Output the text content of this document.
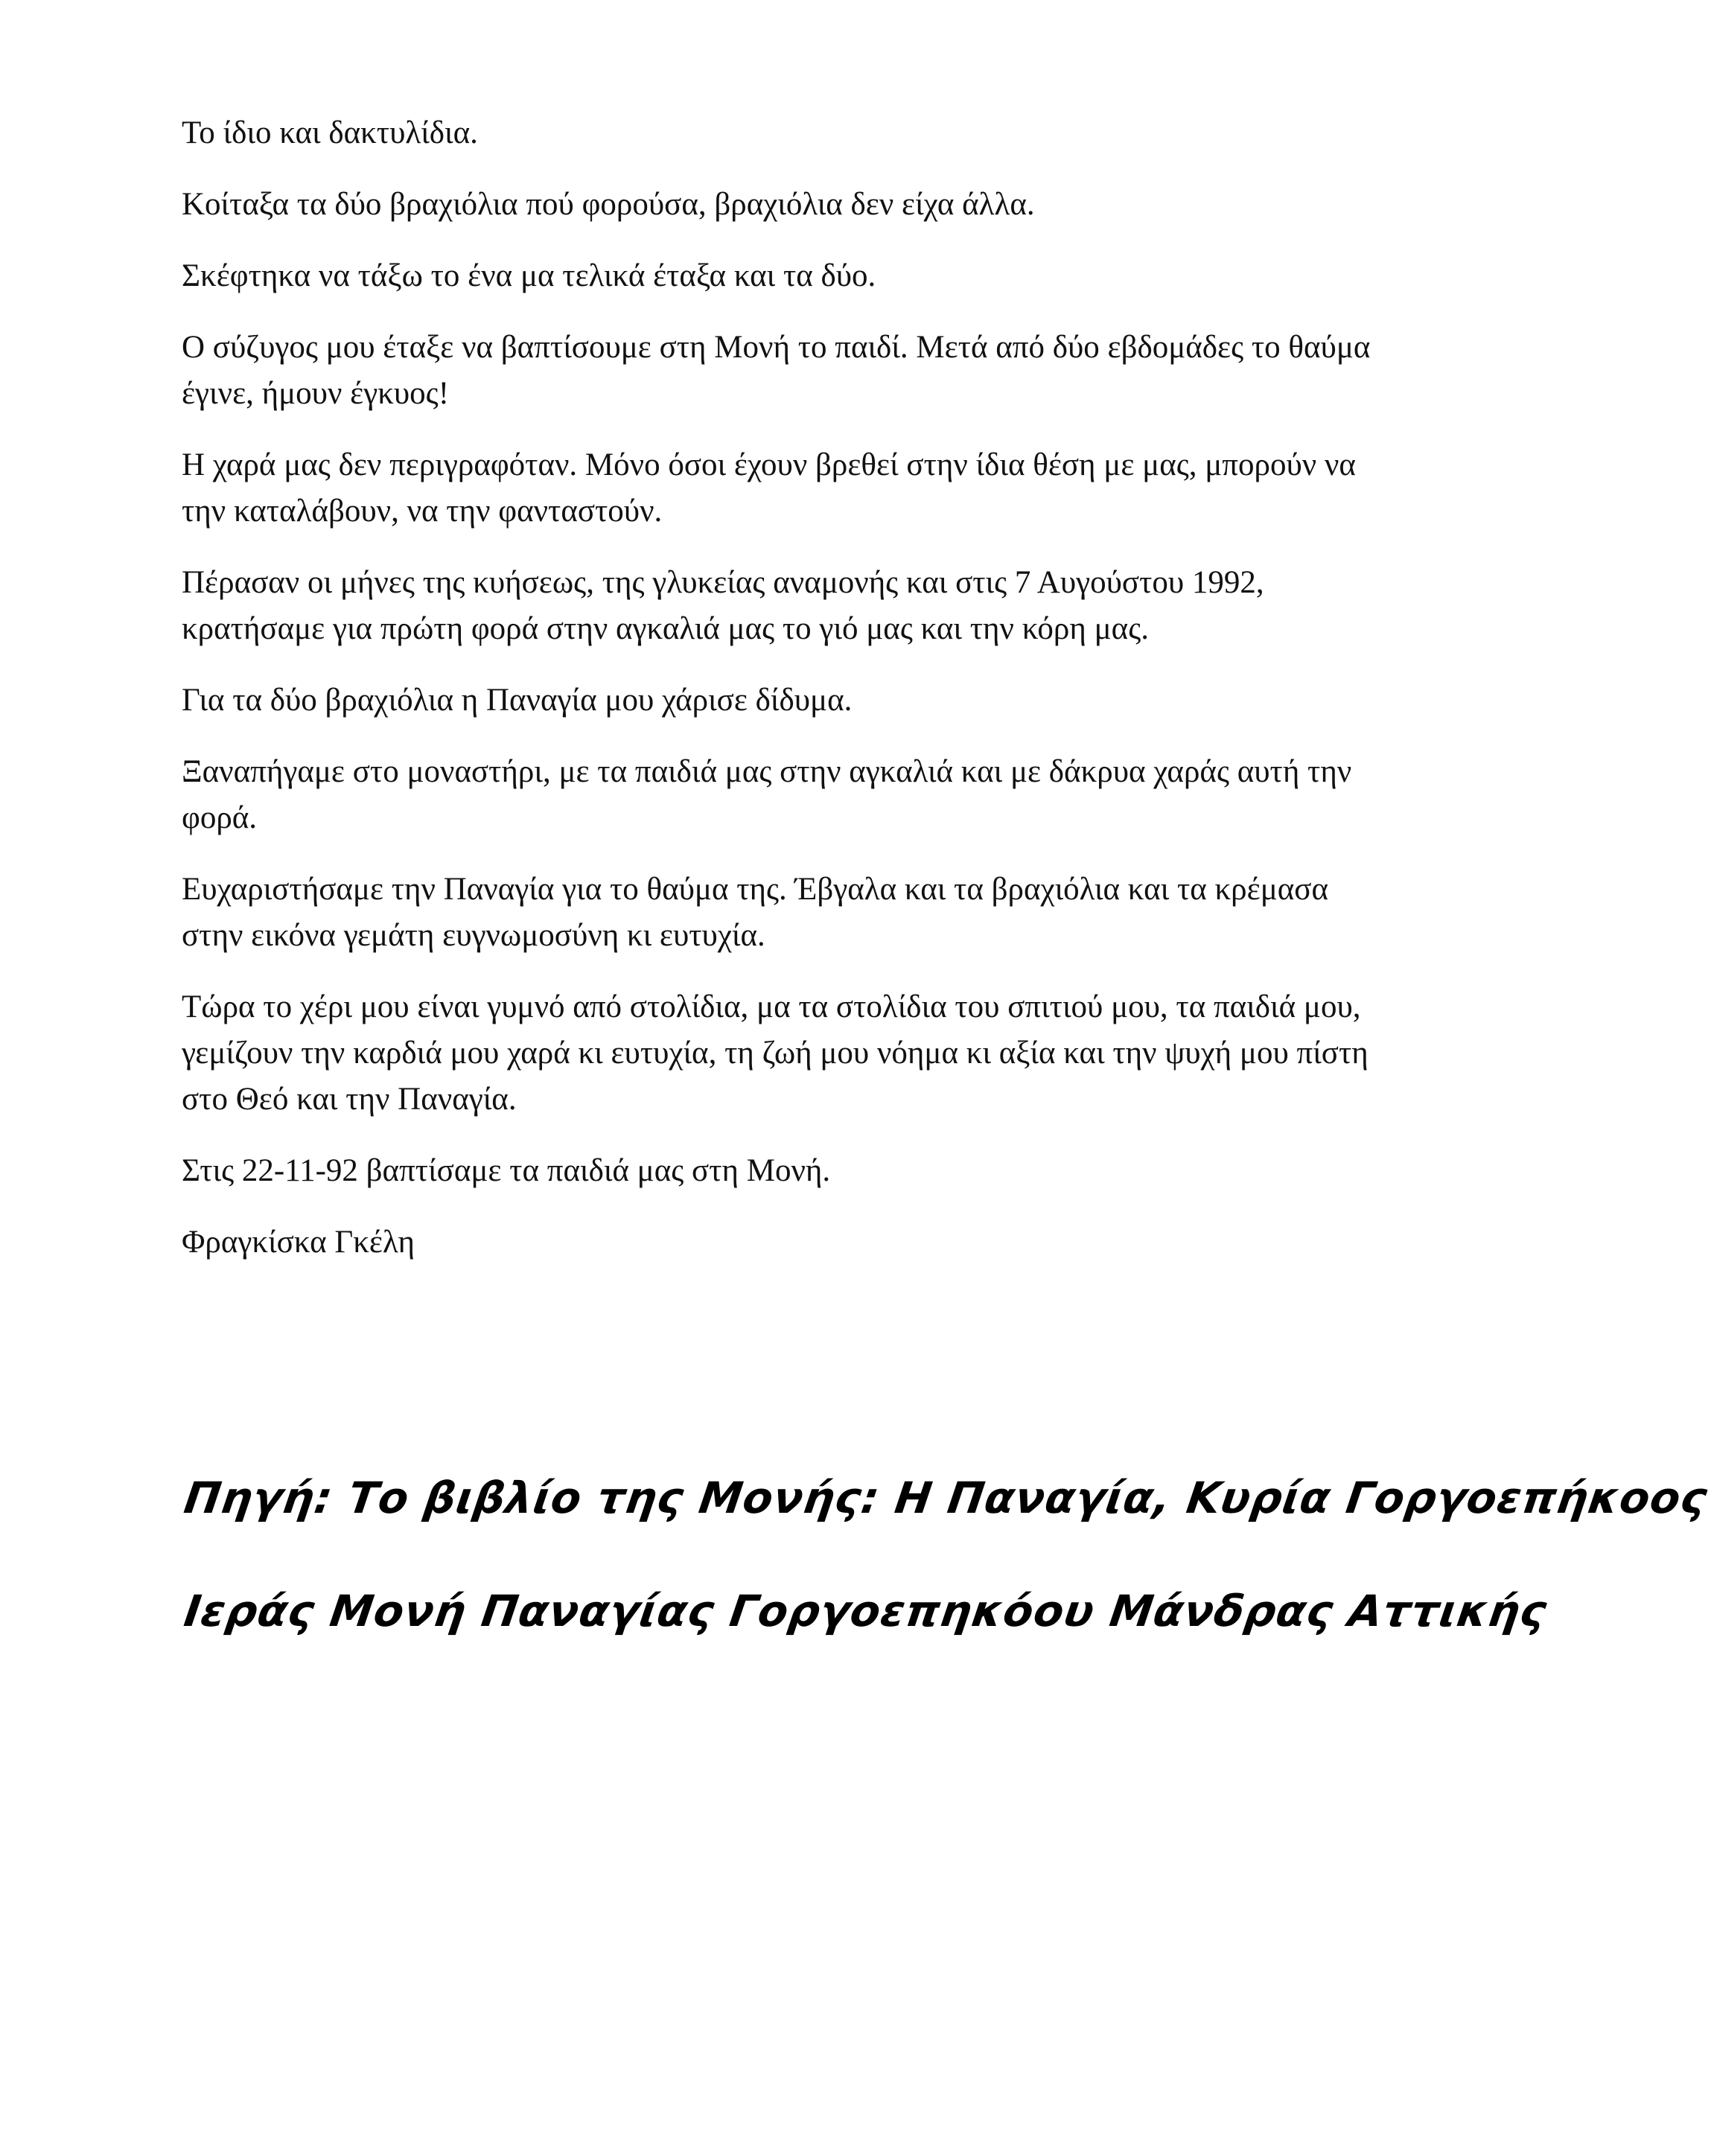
Το ίδιο και δακτυλίδια.

Κοίταξα τα δύο βραχιόλια πού φορούσα, βραχιόλια δεν είχα άλλα.

Σκέφτηκα να τάξω το ένα μα τελικά έταξα και τα δύο.

Ο σύζυγος μου έταξε να βαπτίσουμε στη Μονή το παιδί. Μετά από δύο εβδομάδες το θαύμα έγινε, ήμουν έγκυος!

Η χαρά μας δεν περιγραφόταν. Μόνο όσοι έχουν βρεθεί στην ίδια θέση με μας, μπορούν να την καταλάβουν, να την φανταστούν.

Πέρασαν οι μήνες της κυήσεως, της γλυκείας αναμονής και στις 7 Αυγούστου 1992, κρατήσαμε για πρώτη φορά στην αγκαλιά μας το γιό μας και την κόρη μας.

Για τα δύο βραχιόλια η Παναγία μου χάρισε δίδυμα.

Ξαναπήγαμε στο μοναστήρι, με τα παιδιά μας στην αγκαλιά και με δάκρυα χαράς αυτή την φορά.

Ευχαριστήσαμε την Παναγία για το θαύμα της. Έβγαλα και τα βραχιόλια και τα κρέμασα στην εικόνα γεμάτη ευγνωμοσύνη κι ευτυχία.

Τώρα το χέρι μου είναι γυμνό από στολίδια, μα τα στολίδια του σπιτιού μου, τα παιδιά μου, γεμίζουν την καρδιά μου χαρά κι ευτυχία, τη ζωή μου νόημα κι αξία και την ψυχή μου πίστη στο Θεό και την Παναγία.

Στις 22-11-92 βαπτίσαμε τα παιδιά μας στη Μονή.

Φραγκίσκα Γκέλη

Πηγή: Το βιβλίο της Μονής: Η Παναγία, Κυρία Γοργοεπήκοος
Ιεράς Μονή Παναγίας Γοργοεπηκόου Μάνδρας Αττικής
